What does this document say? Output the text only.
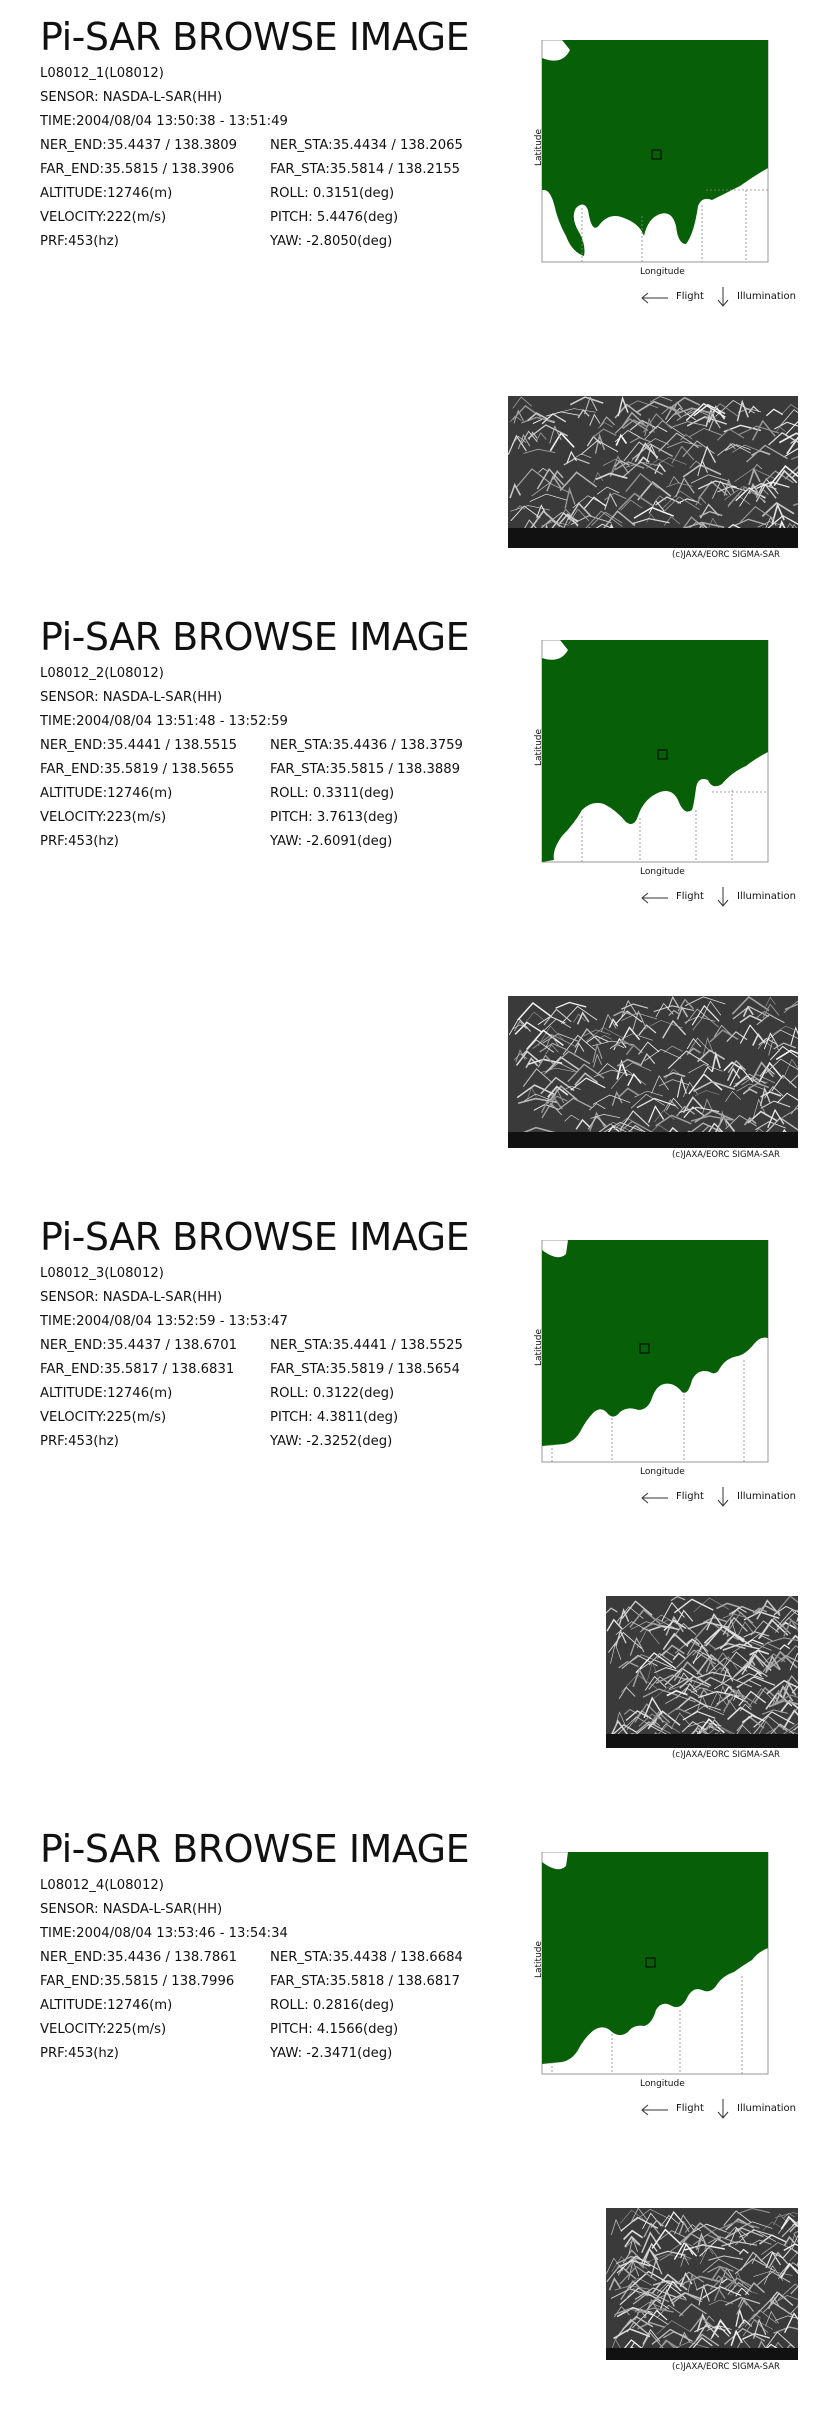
Pi-SAR BROWSE IMAGE
L08012_1(L08012)
SENSOR: NASDA-L-SAR(HH)
TIME:2004/08/04 13:50:38 - 13:51:49
NER_END:35.4437 / 138.3809 NER_STA:35.4434 / 138.2065
FAR_END:35.5815 / 138.3906	FAR_STA:35.5814 / 138.2155
ALTITUDE:12746(m)	ROLL: 0.3151(deg)
VELOCITY:222(m/s)	PITCH: 5.4476(deg)
PRF:453(hz)	YAW: -2.8050(deg)
Latitude
Longitude
Flight	Illumination
(c)JAXA/EORC SIGMA-SAR
Pi-SAR BROWSE IMAGE
L08012_2(L08012)
SENSOR: NASDA-L-SAR(HH)
TIME:2004/08/04 13:51:48 - 13:52:59
NER_END:35.4441 / 138.5515 NER_STA:35.4436 / 138.3759
FAR_END:35.5819 / 138.5655	FAR_STA:35.5815 / 138.3889
ALTITUDE:12746(m)	ROLL: 0.3311(deg)
VELOCITY:223(m/s)	PITCH: 3.7613(deg)
PRF:453(hz)	YAW: -2.6091(deg)
Latitude
Longitude
Flight	Illumination
(c)JAXA/EORC SIGMA-SAR
Pi-SAR BROWSE IMAGE
L08012_3(L08012)
SENSOR: NASDA-L-SAR(HH)
TIME:2004/08/04 13:52:59 - 13:53:47
NER_END:35.4437 / 138.6701 NER_STA:35.4441 / 138.5525
FAR_END:35.5817 / 138.6831	FAR_STA:35.5819 / 138.5654
ALTITUDE:12746(m)	ROLL: 0.3122(deg)
VELOCITY:225(m/s)	PITCH: 4.3811(deg)
PRF:453(hz)	YAW: -2.3252(deg)
Latitude
Longitude
Flight	Illumination
(c)JAXA/EORC SIGMA-SAR
Pi-SAR BROWSE IMAGE
L08012_4(L08012)
SENSOR: NASDA-L-SAR(HH)
TIME:2004/08/04 13:53:46 - 13:54:34
NER_END:35.4436 / 138.7861 NER_STA:35.4438 / 138.6684
FAR_END:35.5815 / 138.7996	FAR_STA:35.5818 / 138.6817
ALTITUDE:12746(m)	ROLL: 0.2816(deg)
VELOCITY:225(m/s)	PITCH: 4.1566(deg)
PRF:453(hz)	YAW: -2.3471(deg)
Latitude
Longitude
Flight	Illumination
(c)JAXA/EORC SIGMA-SAR
